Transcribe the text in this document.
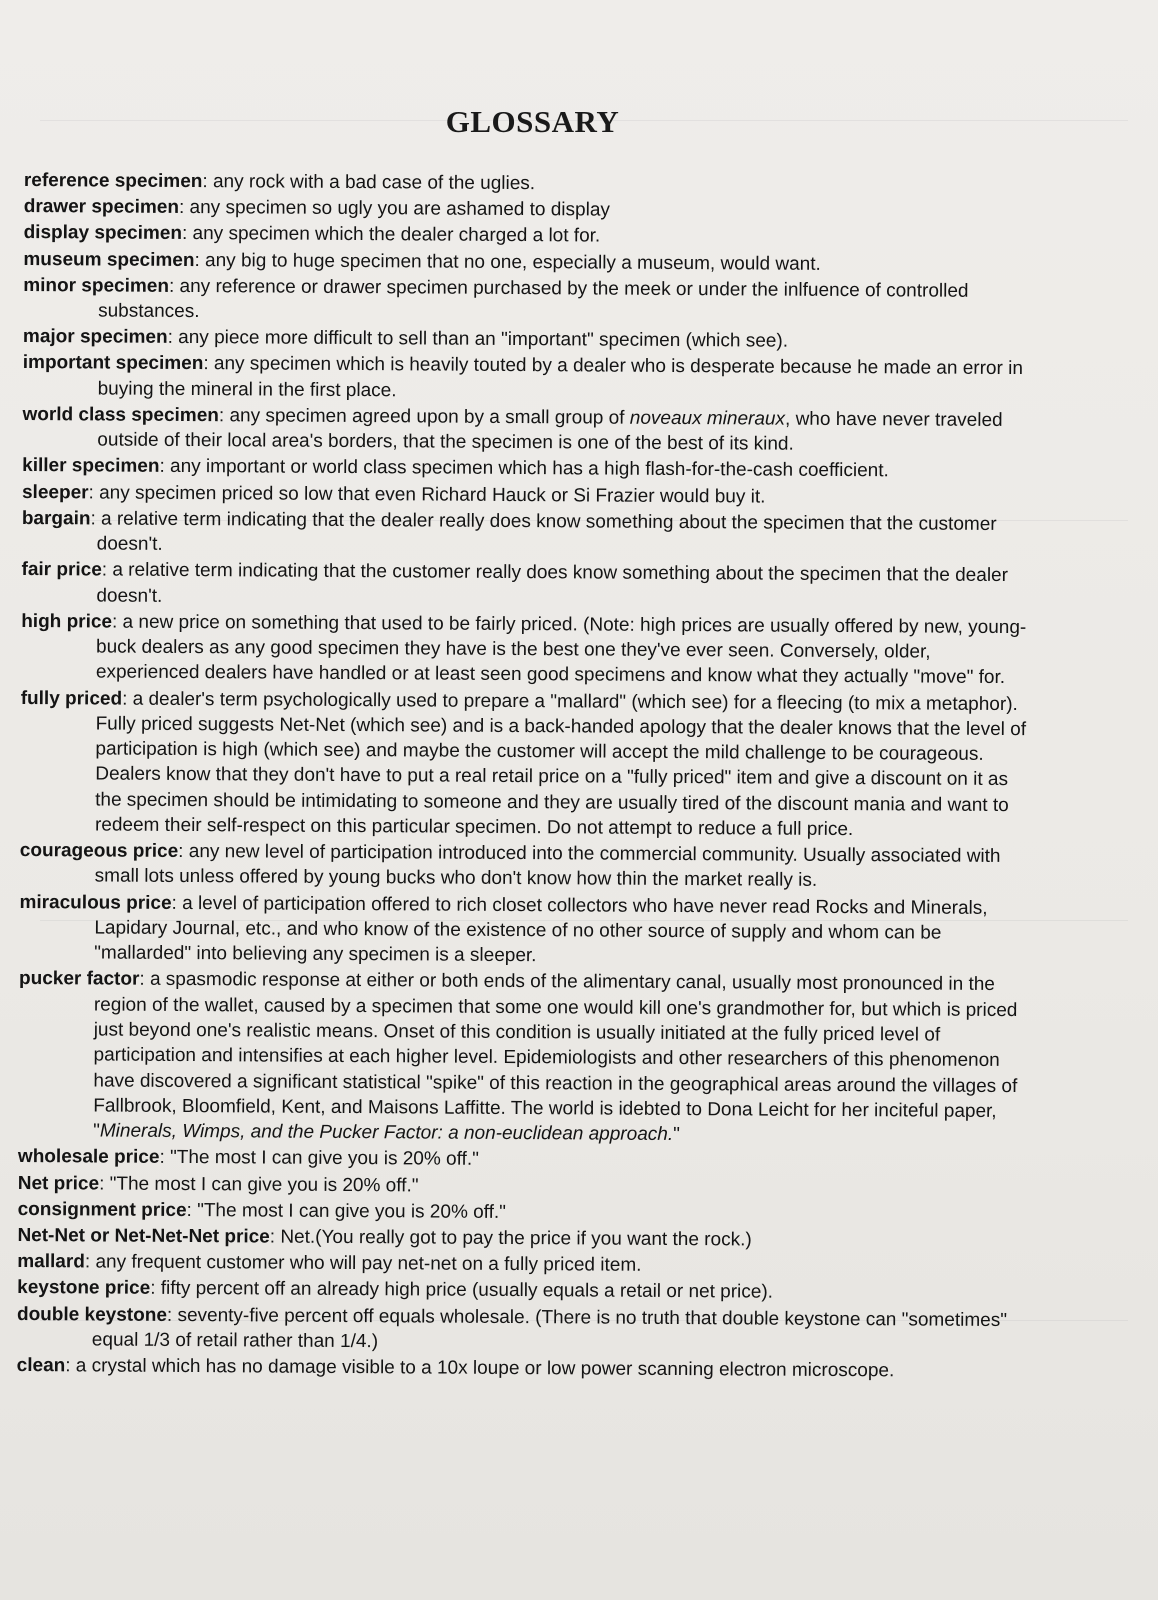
GLOSSARY

reference specimen: any rock with a bad case of the uglies.

drawer specimen: any specimen so ugly you are ashamed to display

display specimen: any specimen which the dealer charged a lot for.

museum specimen: any big to huge specimen that no one, especially a museum, would want.

minor specimen: any reference or drawer specimen purchased by the meek or under the inlfuence of controlled substances.

major specimen: any piece more difficult to sell than an "important" specimen (which see).

important specimen: any specimen which is heavily touted by a dealer who is desperate because he made an error in buying the mineral in the first place.

world class specimen: any specimen agreed upon by a small group of noveaux mineraux, who have never traveled outside of their local area's borders, that the specimen is one of the best of its kind.

killer specimen: any important or world class specimen which has a high flash-for-the-cash coefficient.

sleeper: any specimen priced so low that even Richard Hauck or Si Frazier would buy it.

bargain: a relative term indicating that the dealer really does know something about the specimen that the customer doesn't.

fair price: a relative term indicating that the customer really does know something about the specimen that the dealer doesn't.

high price: a new price on something that used to be fairly priced. (Note: high prices are usually offered by new, young-buck dealers as any good specimen they have is the best one they've ever seen. Conversely, older, experienced dealers have handled or at least seen good specimens and know what they actually "move" for.

fully priced: a dealer's term psychologically used to prepare a "mallard" (which see) for a fleecing (to mix a metaphor). Fully priced suggests Net-Net (which see) and is a back-handed apology that the dealer knows that the level of participation is high (which see) and maybe the customer will accept the mild challenge to be courageous. Dealers know that they don't have to put a real retail price on a "fully priced" item and give a discount on it as the specimen should be intimidating to someone and they are usually tired of the discount mania and want to redeem their self-respect on this particular specimen. Do not attempt to reduce a full price.

courageous price: any new level of participation introduced into the commercial community. Usually associated with small lots unless offered by young bucks who don't know how thin the market really is.

miraculous price: a level of participation offered to rich closet collectors who have never read Rocks and Minerals, Lapidary Journal, etc., and who know of the existence of no other source of supply and whom can be "mallarded" into believing any specimen is a sleeper.

pucker factor: a spasmodic response at either or both ends of the alimentary canal, usually most pronounced in the region of the wallet, caused by a specimen that some one would kill one's grandmother for, but which is priced just beyond one's realistic means. Onset of this condition is usually initiated at the fully priced level of participation and intensifies at each higher level. Epidemiologists and other researchers of this phenomenon have discovered a significant statistical "spike" of this reaction in the geographical areas around the villages of Fallbrook, Bloomfield, Kent, and Maisons Laffitte. The world is idebted to Dona Leicht for her inciteful paper, "Minerals, Wimps, and the Pucker Factor: a non-euclidean approach."

wholesale price: "The most I can give you is 20% off."

Net price: "The most I can give you is 20% off."

consignment price: "The most I can give you is 20% off."

Net-Net or Net-Net-Net price: Net.(You really got to pay the price if you want the rock.)

mallard: any frequent customer who will pay net-net on a fully priced item.

keystone price: fifty percent off an already high price (usually equals a retail or net price).

double keystone: seventy-five percent off equals wholesale. (There is no truth that double keystone can "sometimes" equal 1/3 of retail rather than 1/4.)

clean: a crystal which has no damage visible to a 10x loupe or low power scanning electron microscope.
